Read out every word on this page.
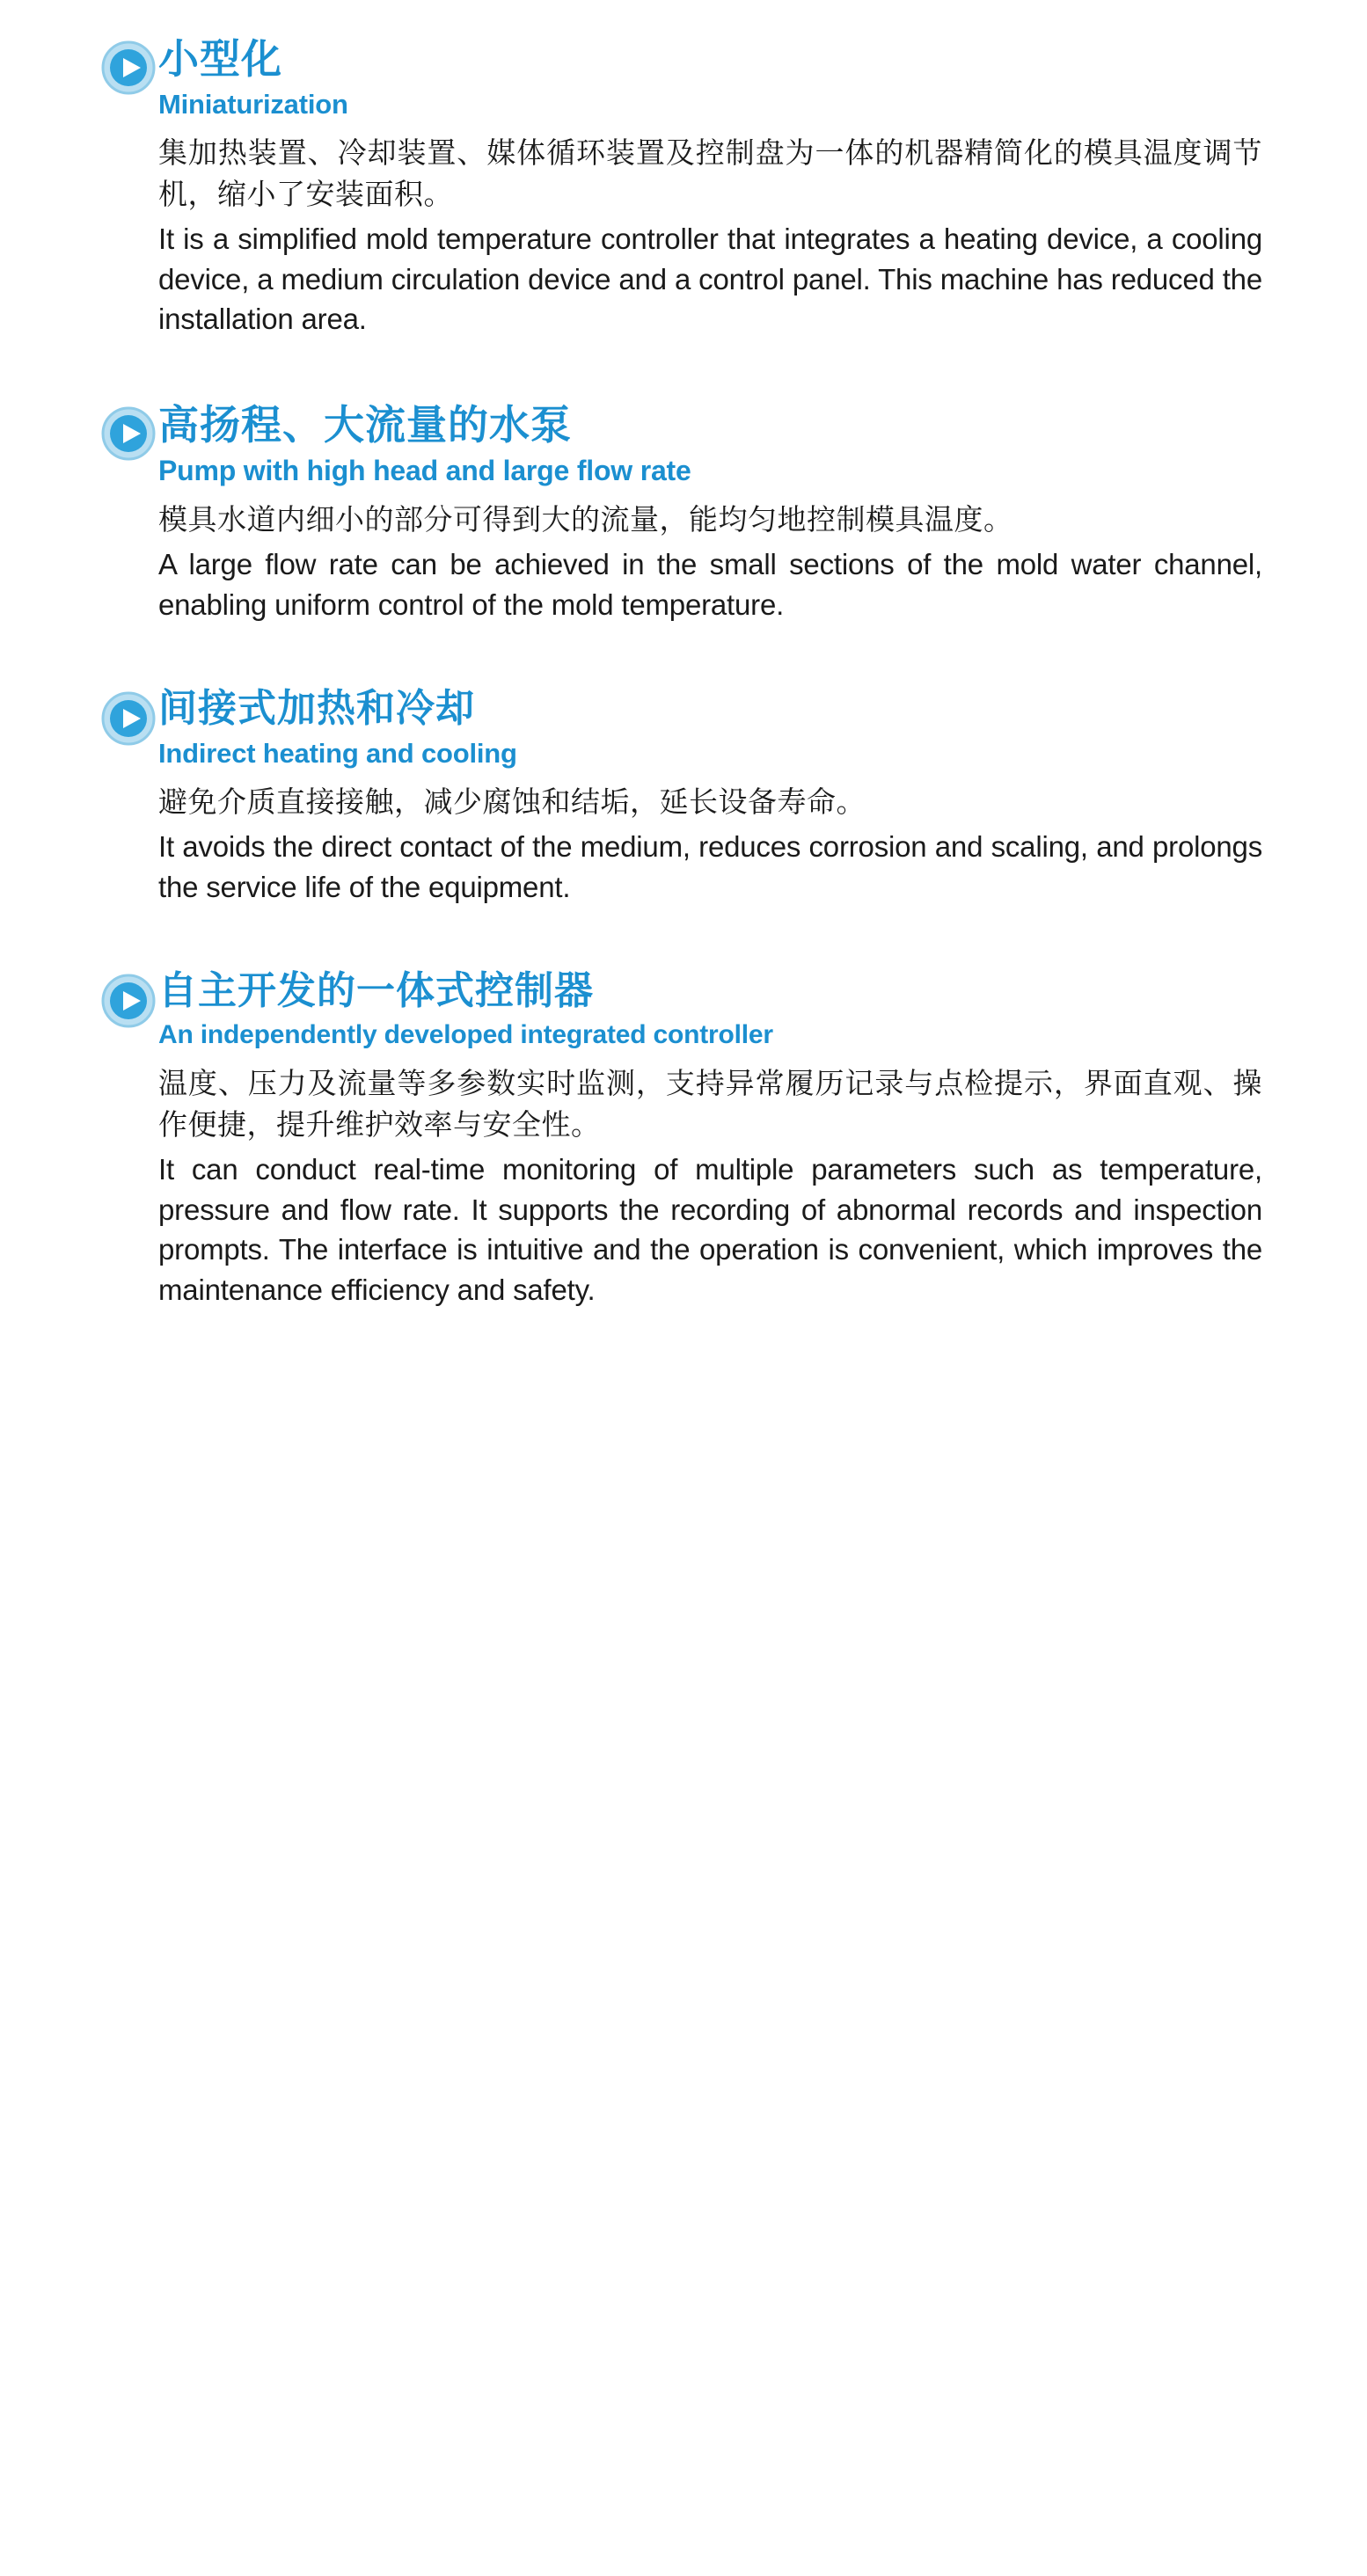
小型化
Miniaturization

集加热装置、冷却装置、媒体循环装置及控制盘为一体的机器精简化的模具温度调节机，缩小了安装面积。

It is a simplified mold temperature controller that integrates a heating device, a cooling device, a medium circulation device and a control panel. This machine has reduced the installation area.

高扬程、大流量的水泵
Pump with high head and large flow rate

模具水道内细小的部分可得到大的流量，能均匀地控制模具温度。

A large flow rate can be achieved in the small sections of the mold water channel, enabling uniform control of the mold temperature.

间接式加热和冷却
Indirect heating and cooling

避免介质直接接触，减少腐蚀和结垢，延长设备寿命。

It avoids the direct contact of the medium, reduces corrosion and scaling, and prolongs the service life of the equipment.

自主开发的一体式控制器
An independently developed integrated controller

温度、压力及流量等多参数实时监测，支持异常履历记录与点检提示，界面直观、操作便捷，提升维护效率与安全性。

It can conduct real-time monitoring of multiple parameters such as temperature, pressure and flow rate. It supports the recording of abnormal records and inspection prompts. The interface is intuitive and the operation is convenient, which improves the maintenance efficiency and safety.
